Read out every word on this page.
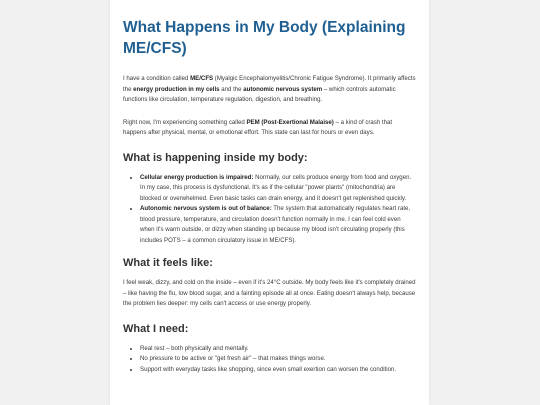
What Happens in My Body (Explaining ME/CFS)

I have a condition called ME/CFS (Myalgic Encephalomyelitis/Chronic Fatigue Syndrome). It primarily affects the energy production in my cells and the autonomic nervous system – which controls automatic functions like circulation, temperature regulation, digestion, and breathing.

Right now, I'm experiencing something called PEM (Post-Exertional Malaise) – a kind of crash that happens after physical, mental, or emotional effort. This state can last for hours or even days.

What is happening inside my body:
• Cellular energy production is impaired: Normally, our cells produce energy from food and oxygen. In my case, this process is dysfunctional. It's as if the cellular "power plants" (mitochondria) are blocked or overwhelmed. Even basic tasks can drain energy, and it doesn't get replenished quickly.
• Autonomic nervous system is out of balance: The system that automatically regulates heart rate, blood pressure, temperature, and circulation doesn't function normally in me. I can feel cold even when it's warm outside, or dizzy when standing up because my blood isn't circulating properly (this includes POTS – a common circulatory issue in ME/CFS).
What it feels like:

I feel weak, dizzy, and cold on the inside – even if it's 24°C outside. My body feels like it's completely drained – like having the flu, low blood sugar, and a fainting episode all at once. Eating doesn't always help, because the problem lies deeper: my cells can't access or use energy properly.

What I need:
• Real rest – both physically and mentally.
• No pressure to be active or "get fresh air" – that makes things worse.
• Support with everyday tasks like shopping, since even small exertion can worsen the condition.
